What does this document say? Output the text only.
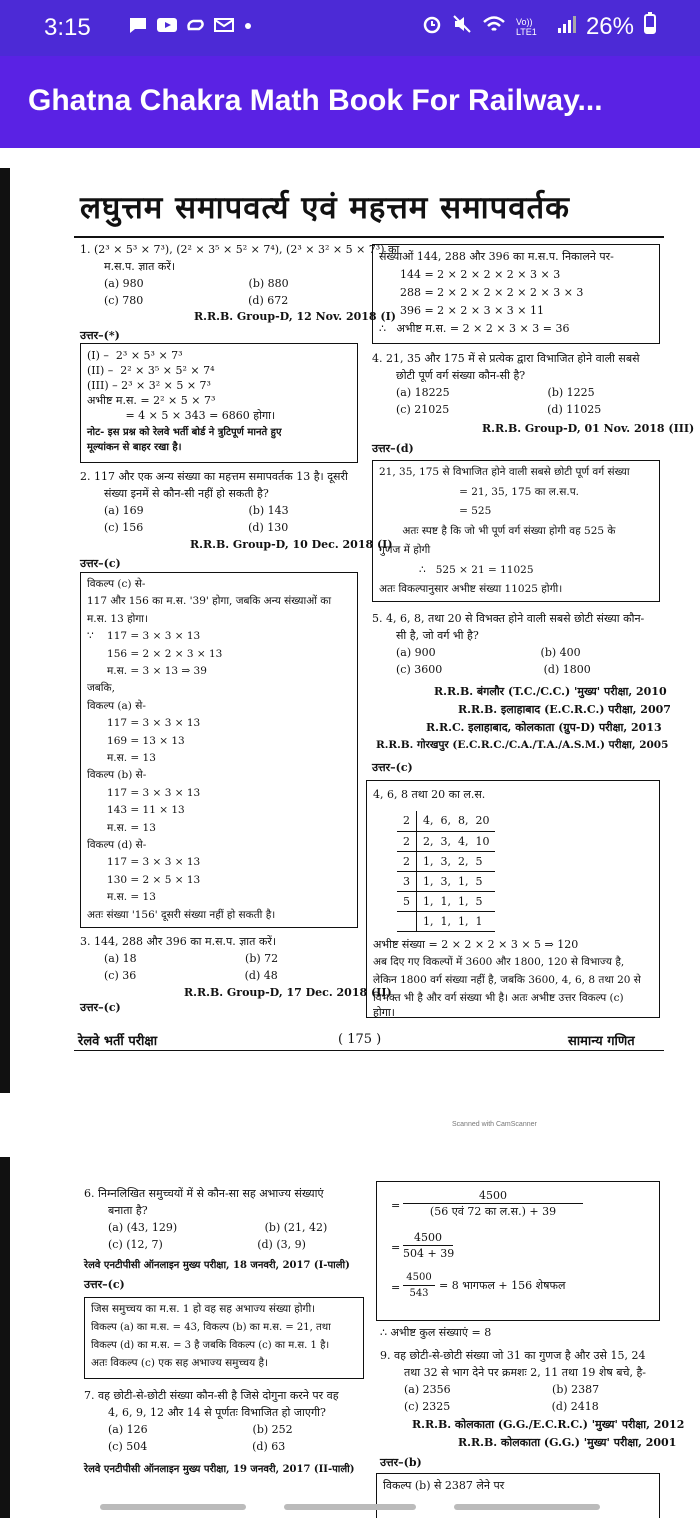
3:15	Vo)) LTE1	26%
Ghatna Chakra Math Book For Railway...
लघुत्तम समापवर्त्य एवं महत्तम समापवर्तक
1. (2³ × 5³ × 7³), (2² × 3⁵ × 5² × 7⁴), (2³ × 3² × 5 × 7³) का
म.स.प. ज्ञात करें।
(a) 980                              (b) 880
(c) 780                              (d) 672
R.R.B. Group-D, 12 Nov. 2018 (I)
उत्तर–(*)
(I) –  2³ × 5³ × 7³
(II) –  2² × 3⁵ × 5² × 7⁴
(III) – 2³ × 3² × 5 × 7³
अभीष्ट म.स. = 2² × 5 × 7³
= 4 × 5 × 343 = 6860 होगा।
नोट- इस प्रश्न को रेलवे भर्ती बोर्ड ने त्रुटिपूर्ण मानते हुए
मूल्यांकन से बाहर रखा है।
2. 117 और एक अन्य संख्या का महत्तम समापवर्तक 13 है। दूसरी
संख्या इनमें से कौन-सी नहीं हो सकती है?
(a) 169                              (b) 143
(c) 156                              (d) 130
R.R.B. Group-D, 10 Dec. 2018 (I)
उत्तर–(c)
विकल्प (c) से-
117 और 156 का म.स. '39' होगा, जबकि अन्य संख्याओं का
म.स. 13 होगा।
∵    117 = 3 × 3 × 13
156 = 2 × 2 × 3 × 13
म.स. = 3 × 13 ⇒ 39
जबकि,
विकल्प (a) से-
117 = 3 × 3 × 13
169 = 13 × 13
म.स. = 13
विकल्प (b) से-
117 = 3 × 3 × 13
143 = 11 × 13
म.स. = 13
विकल्प (d) से-
117 = 3 × 3 × 13
130 = 2 × 5 × 13
म.स. = 13
अतः संख्या '156' दूसरी संख्या नहीं हो सकती है।
3. 144, 288 और 396 का म.स.प. ज्ञात करें।
(a) 18                               (b) 72
(c) 36                               (d) 48
R.R.B. Group-D, 17 Dec. 2018 (II)
उत्तर–(c)
संख्याओं 144, 288 और 396 का म.स.प. निकालने पर-
144 = 2 × 2 × 2 × 2 × 3 × 3
288 = 2 × 2 × 2 × 2 × 2 × 3 × 3
396 = 2 × 2 × 3 × 3 × 11
∴   अभीष्ट म.स. = 2 × 2 × 3 × 3 = 36
4. 21, 35 और 175 में से प्रत्येक द्वारा विभाजित होने वाली सबसे
छोटी पूर्ण वर्ग संख्या कौन-सी है?
(a) 18225                            (b) 1225
(c) 21025                            (d) 11025
R.R.B. Group-D, 01 Nov. 2018 (III)
उत्तर–(d)
21, 35, 175 से विभाजित होने वाली सबसे छोटी पूर्ण वर्ग संख्या
= 21, 35, 175 का ल.स.प.
= 525
अतः स्पष्ट है कि जो भी पूर्ण वर्ग संख्या होगी वह 525 के
गुणज में होगी
∴   525 × 21 = 11025
अतः विकल्पानुसार अभीष्ट संख्या 11025 होगी।
5. 4, 6, 8, तथा 20 से विभक्त होने वाली सबसे छोटी संख्या कौन-
सी है, जो वर्ग भी है?
(a) 900                              (b) 400
(c) 3600                             (d) 1800
R.R.B. बंगलौर (T.C./C.C.) 'मुख्य' परीक्षा, 2010
R.R.B. इलाहाबाद (E.C.R.C.) परीक्षा, 2007
R.R.C. इलाहाबाद, कोलकाता (ग्रुप-D) परीक्षा, 2013
R.R.B. गोरखपुर (E.C.R.C./C.A./T.A./A.S.M.) परीक्षा, 2005
उत्तर–(c)
4, 6, 8 तथा 20 का ल.स.
2	4,  6,  8,  20
2	2,  3,  4,  10
2	1,  3,  2,  5
3	1,  3,  1,  5
5	1,  1,  1,  5
	1,  1,  1,  1
अभीष्ट संख्या = 2 × 2 × 2 × 3 × 5 ⇒ 120
अब दिए गए विकल्पों में 3600 और 1800, 120 से विभाज्य है,
लेकिन 1800 वर्ग संख्या नहीं है, जबकि 3600, 4, 6, 8 तथा 20 से
विभक्त भी है और वर्ग संख्या भी है। अतः अभीष्ट उत्तर विकल्प (c)
होगा।
रेलवे भर्ती परीक्षा	( 175 )	सामान्य गणित
Scanned with CamScanner
6. निम्नलिखित समुच्चयों में से कौन-सा सह अभाज्य संख्याएं
बनाता है?
(a) (43, 129)                         (b) (21, 42)
(c) (12, 7)                           (d) (3, 9)
रेलवे एनटीपीसी ऑनलाइन मुख्य परीक्षा, 18 जनवरी, 2017 (I-पाली)
उत्तर–(c)
जिस समुच्चय का म.स. 1 हो वह सह अभाज्य संख्या होगी।
विकल्प (a) का म.स. = 43, विकल्प (b) का म.स. = 21, तथा
विकल्प (d) का म.स. = 3 है जबकि विकल्प (c) का म.स. 1 है।
अतः विकल्प (c) एक सह अभाज्य समुच्चय है।
7. वह छोटी-से-छोटी संख्या कौन-सी है जिसे दोगुना करने पर वह
4, 6, 9, 12 और 14 से पूर्णतः विभाजित हो जाएगी?
(a) 126                              (b) 252
(c) 504                              (d) 63
रेलवे एनटीपीसी ऑनलाइन मुख्य परीक्षा, 19 जनवरी, 2017 (II-पाली)
=
4500
(56 एवं 72 का ल.स.) + 39
=
4500
504 + 39
=
4500
543
= 8 भागफल + 156 शेषफल
∴ अभीष्ट कुल संख्याएं = 8
9. वह छोटी-से-छोटी संख्या जो 31 का गुणज है और उसे 15, 24
तथा 32 से भाग देने पर क्रमशः 2, 11 तथा 19 शेष बचे, है-
(a) 2356                             (b) 2387
(c) 2325                             (d) 2418
R.R.B. कोलकाता (G.G./E.C.R.C.) 'मुख्य' परीक्षा, 2012
R.R.B. कोलकाता (G.G.) 'मुख्य' परीक्षा, 2001
उत्तर–(b)
विकल्प (b) से 2387 लेने पर
